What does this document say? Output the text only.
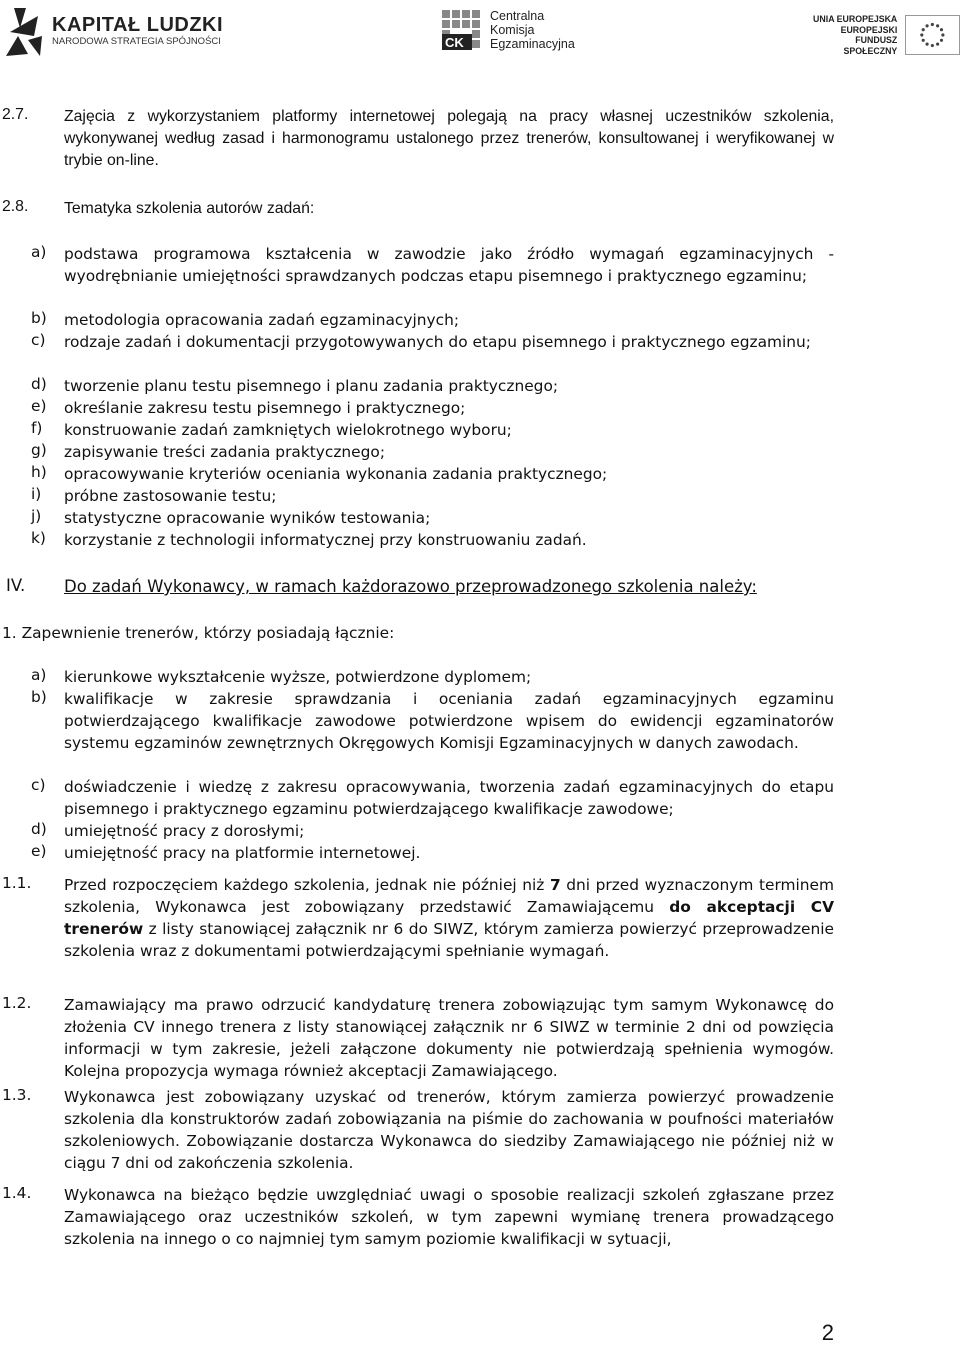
KAPITAŁ LUDZKI
NARODOWA STRATEGIA SPÓJNOŚCI	CK
Centralna
Komisja
Egzaminacyjna
UNIA EUROPEJSKA
EUROPEJSKI
FUNDUSZ SPOŁECZNY
2.7. Zajęcia z wykorzystaniem platformy internetowej polegają na pracy własnej uczestników szkolenia, wykonywanej według zasad i harmonogramu ustalonego przez trenerów, konsultowanej i weryfikowanej w trybie on-line.
2.8. Tematyka szkolenia autorów zadań:
a) podstawa programowa kształcenia w zawodzie jako źródło wymagań egzaminacyjnych - wyodrębnianie umiejętności sprawdzanych podczas etapu pisemnego i praktycznego egzaminu;
b) metodologia opracowania zadań egzaminacyjnych;
c) rodzaje zadań i dokumentacji przygotowywanych do etapu pisemnego i praktycznego egzaminu;
d) tworzenie planu testu pisemnego i planu zadania praktycznego;
e) określanie zakresu testu pisemnego i praktycznego;
f) konstruowanie zadań zamkniętych wielokrotnego wyboru;
g) zapisywanie treści zadania praktycznego;
h) opracowywanie kryteriów oceniania wykonania zadania praktycznego;
i) próbne zastosowanie testu;
j) statystyczne opracowanie wyników testowania;
k) korzystanie z technologii informatycznej przy konstruowaniu zadań.
IV. Do zadań Wykonawcy, w ramach każdorazowo przeprowadzonego szkolenia należy:
1. Zapewnienie trenerów, którzy posiadają łącznie:
a) kierunkowe wykształcenie wyższe, potwierdzone dyplomem;
b) kwalifikacje w zakresie sprawdzania i oceniania zadań egzaminacyjnych egzaminu potwierdzającego kwalifikacje zawodowe potwierdzone wpisem do ewidencji egzaminatorów systemu egzaminów zewnętrznych Okręgowych Komisji Egzaminacyjnych w danych zawodach.
c) doświadczenie i wiedzę z zakresu opracowywania, tworzenia zadań egzaminacyjnych do etapu pisemnego i praktycznego egzaminu potwierdzającego kwalifikacje zawodowe;
d) umiejętność pracy z dorosłymi;
e) umiejętność pracy na platformie internetowej.
1.1. Przed rozpoczęciem każdego szkolenia, jednak nie później niż 7 dni przed wyznaczonym terminem szkolenia, Wykonawca jest zobowiązany przedstawić Zamawiającemu do akceptacji CV trenerów z listy stanowiącej załącznik nr 6 do SIWZ, którym zamierza powierzyć przeprowadzenie szkolenia wraz z dokumentami potwierdzającymi spełnianie wymagań.
1.2. Zamawiający ma prawo odrzucić kandydaturę trenera zobowiązując tym samym Wykonawcę do złożenia CV innego trenera z listy stanowiącej załącznik nr 6 SIWZ w terminie 2 dni od powzięcia informacji w tym zakresie, jeżeli załączone dokumenty nie potwierdzają spełnienia wymogów. Kolejna propozycja wymaga również akceptacji Zamawiającego.
1.3. Wykonawca jest zobowiązany uzyskać od trenerów, którym zamierza powierzyć prowadzenie szkolenia dla konstruktorów zadań zobowiązania na piśmie do zachowania w poufności materiałów szkoleniowych. Zobowiązanie dostarcza Wykonawca do siedziby Zamawiającego nie później niż w ciągu 7 dni od zakończenia szkolenia.
1.4. Wykonawca na bieżąco będzie uwzględniać uwagi o sposobie realizacji szkoleń zgłaszane przez Zamawiającego oraz uczestników szkoleń, w tym zapewni wymianę trenera prowadzącego szkolenia na innego o co najmniej tym samym poziomie kwalifikacji w sytuacji,
2
